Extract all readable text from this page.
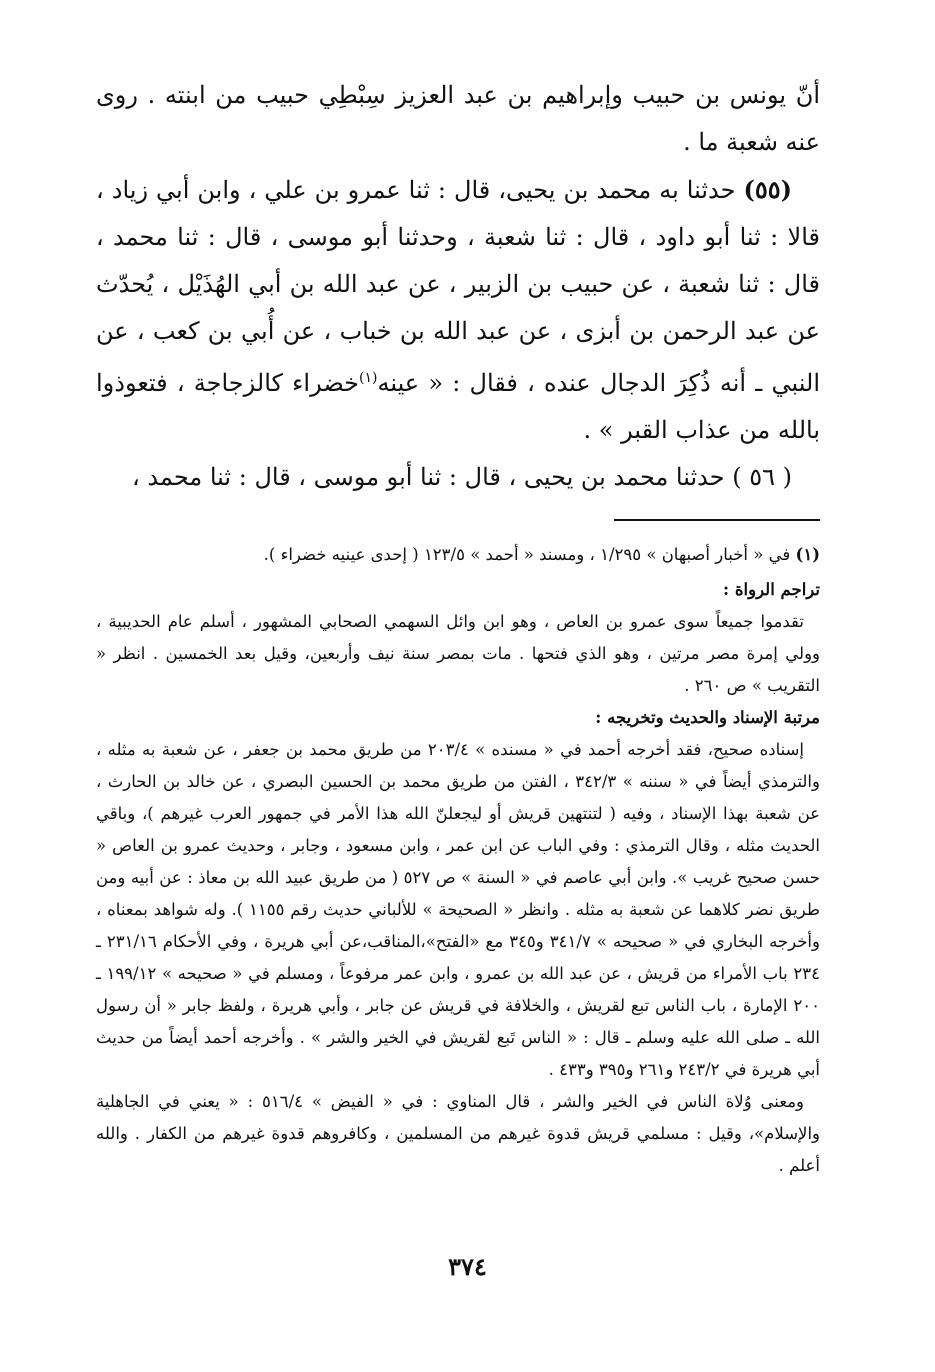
أنّ يونس بن حبيب وإبراهيم بن عبد العزيز سِبْطِي حبيب من ابنته . روى عنه شعبة ما .

(٥٥) حدثنا به محمد بن يحيى، قال : ثنا عمرو بن علي ، وابن أبي زياد ، قالا : ثنا أبو داود ، قال : ثنا شعبة ، وحدثنا أبو موسى ، قال : ثنا محمد ، قال : ثنا شعبة ، عن حبيب بن الزبير ، عن عبد الله بن أبي الهُذَيْل ، يُحدّث عن عبد الرحمن بن أبزى ، عن عبد الله بن خباب ، عن أُبي بن كعب ، عن النبي ـ أنه ذُكِرَ الدجال عنده ، فقال : « عينه$^{(١)}$خضراء كالزجاجة ، فتعوذوا بالله من عذاب القبر » .

( ٥٦ ) حدثنا محمد بن يحيى ، قال : ثنا أبو موسى ، قال : ثنا محمد ،

(١) في « أخبار أصبهان » ١/٢٩٥ ، ومسند « أحمد » ١٢٣/٥ ( إحدى عينيه خضراء ).

تراجم الرواة :

تقدموا جميعاً سوى عمرو بن العاص ، وهو ابن وائل السهمي الصحابي المشهور ، أسلم عام الحديبية ، وولي إمرة مصر مرتين ، وهو الذي فتحها . مات بمصر سنة نيف وأربعين، وقيل بعد الخمسين . انظر « التقريب » ص ٢٦٠ .

مرتبة الإسناد والحديث وتخريجه :

إسناده صحيح، فقد أخرجه أحمد في « مسنده » ٢٠٣/٤ من طريق محمد بن جعفر ، عن شعبة به مثله ، والترمذي أيضاً في « سننه » ٣٤٢/٣ ، الفتن من طريق محمد بن الحسين البصري ، عن خالد بن الحارث ، عن شعبة بهذا الإسناد ، وفيه ( لتنتهين قريش أو ليجعلنّ الله هذا الأمر في جمهور العرب غيرهم )، وباقي الحديث مثله ، وقال الترمذي : وفي الباب عن ابن عمر ، وابن مسعود ، وجابر ، وحديث عمرو بن العاص « حسن صحيح غريب ». وابن أبي عاصم في « السنة » ص ٥٢٧ ( من طريق عبيد الله بن معاذ : عن أبيه ومن طريق نضر كلاهما عن شعبة به مثله . وانظر « الصحيحة » للألباني حديث رقم ١١٥٥ ). وله شواهد بمعناه ، وأخرجه البخاري في « صحيحه » ٣٤١/٧ و٣٤٥ مع «الفتح»،المناقب،عن أبي هريرة ، وفي الأحكام ٢٣١/١٦ ـ ٢٣٤ باب الأمراء من قريش ، عن عبد الله بن عمرو ، وابن عمر مرفوعاً ، ومسلم في « صحيحه » ١٩٩/١٢ ـ ٢٠٠ الإمارة ، باب الناس تبع لقريش ، والخلافة في قريش عن جابر ، وأبي هريرة ، ولفظ جابر « أن رسول الله ـ صلى الله عليه وسلم ـ قال : « الناس تَبع لقريش في الخير والشر » . وأخرجه أحمد أيضاً من حديث أبي هريرة في ٢٤٣/٢ و٢٦١ و٣٩٥ و٤٣٣ .

ومعنى وُلاة الناس في الخير والشر ، قال المناوي : في « الفيض » ٥١٦/٤ : « يعني في الجاهلية والإسلام»، وقيل : مسلمي قريش قدوة غيرهم من المسلمين ، وكافروهم قدوة غيرهم من الكفار . والله أعلم .

٣٧٤
